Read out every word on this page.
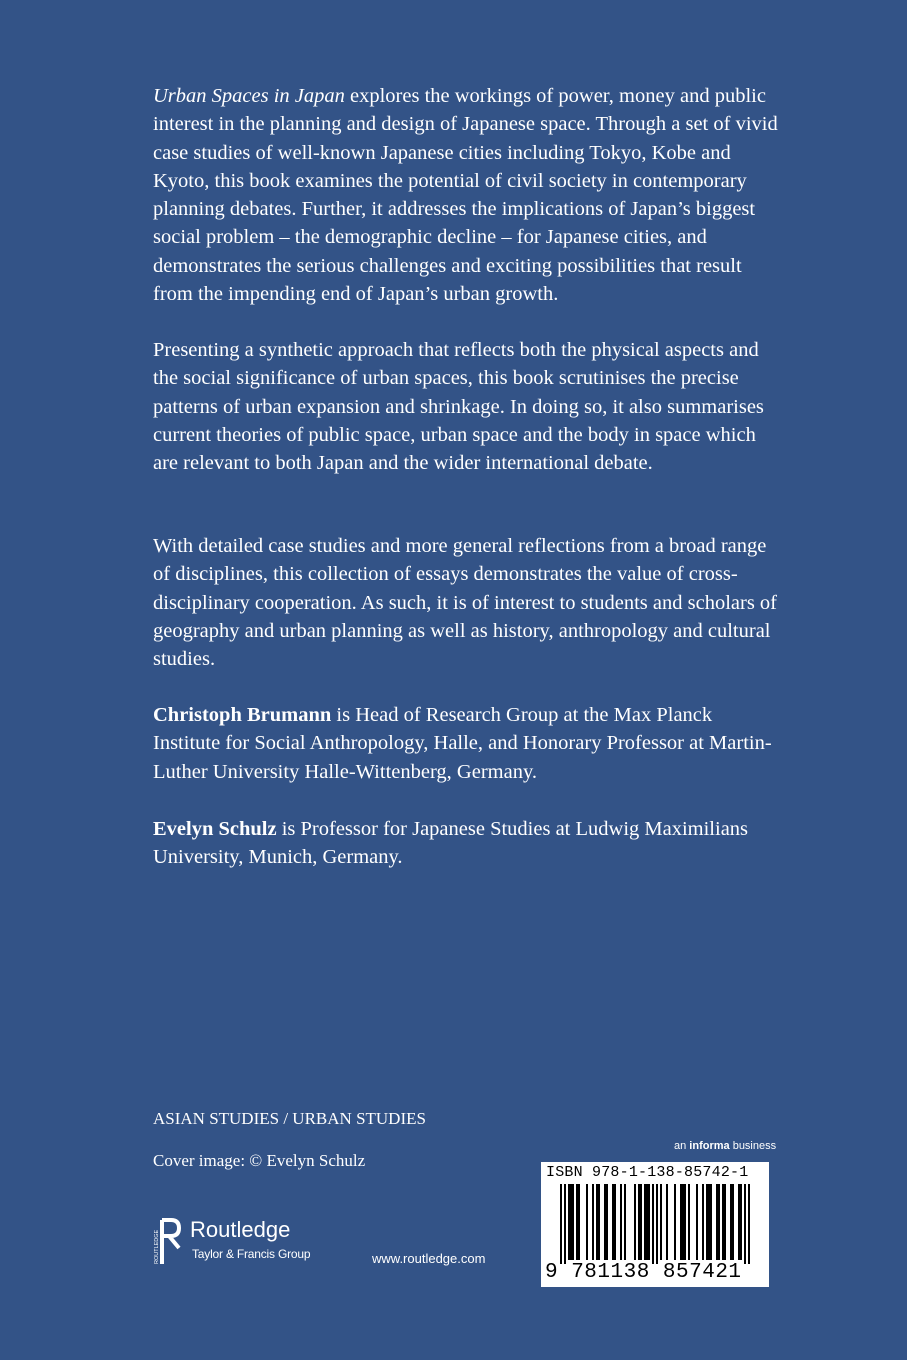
Urban Spaces in Japan explores the workings of power, money and public interest in the planning and design of Japanese space. Through a set of vivid case studies of well-known Japanese cities including Tokyo, Kobe and Kyoto, this book examines the potential of civil society in contemporary planning debates. Further, it addresses the implications of Japan’s biggest social problem – the demographic decline – for Japanese cities, and demonstrates the serious challenges and exciting possibilities that result from the impending end of Japan’s urban growth.

Presenting a synthetic approach that reflects both the physical aspects and the social significance of urban spaces, this book scrutinises the precise patterns of urban expansion and shrinkage. In doing so, it also summarises current theories of public space, urban space and the body in space which are relevant to both Japan and the wider international debate.

With detailed case studies and more general reflections from a broad range of disciplines, this collection of essays demonstrates the value of cross-disciplinary cooperation. As such, it is of interest to students and scholars of geography and urban planning as well as history, anthropology and cultural studies.

Christoph Brumann is Head of Research Group at the Max Planck Institute for Social Anthropology, Halle, and Honorary Professor at Martin-Luther University Halle-Wittenberg, Germany.

Evelyn Schulz is Professor for Japanese Studies at Ludwig Maximilians University, Munich, Germany.

ASIAN STUDIES / URBAN STUDIES
Cover image: © Evelyn Schulz
ROUTLEDGE
Routledge
Taylor & Francis Group	www.routledge.com
an informa business
ISBN 978-1-138-85742-1
9 781138 857421
